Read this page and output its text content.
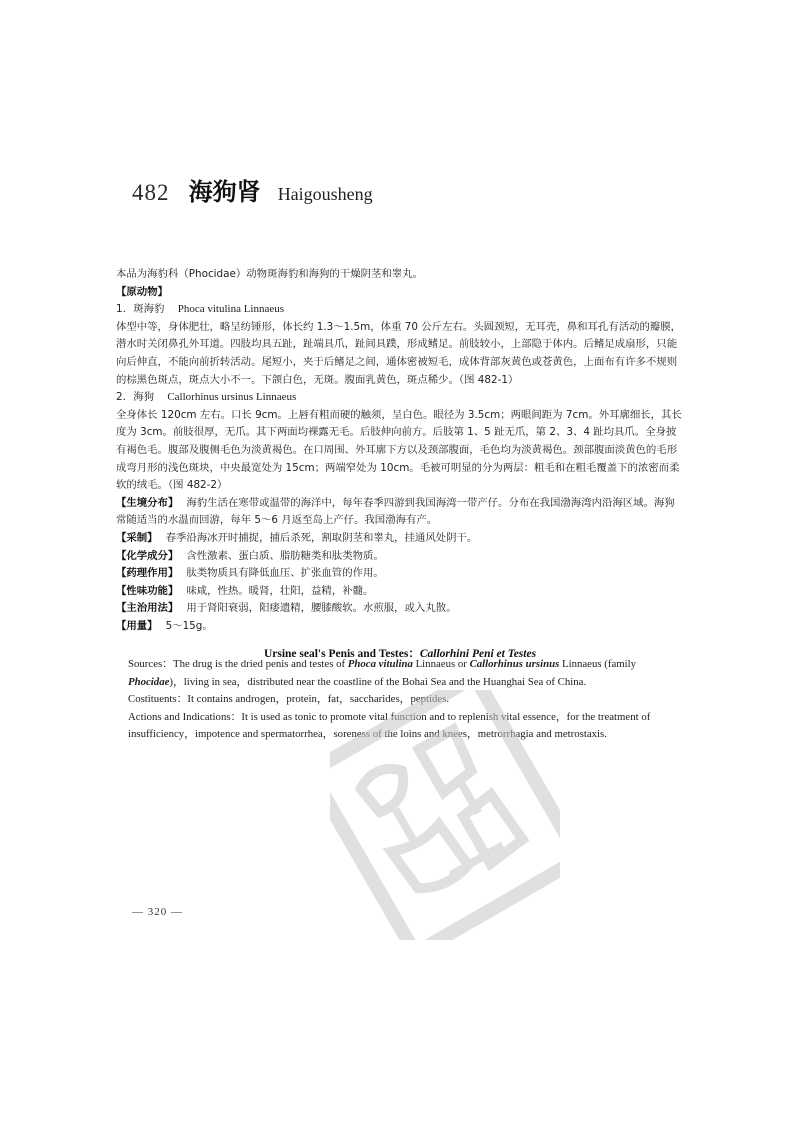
482 海狗肾 Haigousheng

本品为海豹科（Phocidae）动物斑海豹和海狗的干燥阴茎和睾丸。

【原动物】

1. 斑海豹 Phoca vitulina Linnaeus

体型中等，身体肥壮，略呈纺锤形，体长约 1.3～1.5m，体重 70 公斤左右。头圆颈短，无耳壳，鼻和耳孔有活动的瓣膜，潜水时关闭鼻孔外耳道。四肢均具五趾，趾端具爪，趾间具蹼，形成鳍足。前肢较小，上部隐于体内。后鳍足成扇形，只能向后伸直，不能向前折转活动。尾短小，夹于后鳍足之间，通体密被短毛，成体背部灰黄色或苍黄色，上面布有许多不规则的棕黑色斑点，斑点大小不一。下颌白色，无斑。腹面乳黄色，斑点稀少。（图 482-1）

2. 海狗 Callorhinus ursinus Linnaeus

全身体长 120cm 左右。口长 9cm。上唇有粗而硬的触须，呈白色。眼径为 3.5cm；两眼间距为 7cm。外耳廓细长，其长度为 3cm。前肢很厚，无爪。其下两面均裸露无毛。后肢伸向前方。后肢第 1、5 趾无爪，第 2、3、4 趾均具爪。全身披有褐色毛。腹部及腹侧毛色为淡黄褐色。在口周围、外耳廓下方以及颈部腹面，毛色均为淡黄褐色。颈部腹面淡黄色的毛形成弯月形的浅色斑块，中央最宽处为 15cm；两端窄处为 10cm。毛被可明显的分为两层：粗毛和在粗毛覆盖下的浓密而柔软的绒毛。（图 482-2）

【生境分布】 海豹生活在寒带或温带的海洋中，每年春季四游到我国海湾一带产仔。分布在我国渤海湾内沿海区域。海狗常随适当的水温而回游，每年 5～6 月返至岛上产仔。我国渤海有产。

【采制】 春季沿海冰开时捕捉，捕后杀死，割取阴茎和睾丸，挂通风处阴干。

【化学成分】 含性激素、蛋白质、脂肪糖类和肽类物质。

【药理作用】 肽类物质具有降低血压、扩张血管的作用。

【性味功能】 味咸，性热。暖肾，壮阳，益精，补髓。

【主治用法】 用于肾阳衰弱，阳痿遗精，腰膝酸软。水煎服，或入丸散。

【用量】 5～15g。

Ursine seal's Penis and Testes：Callorhini Peni et Testes

Sources：The drug is the dried penis and testes of Phoca vitulina Linnaeus or Callorhinus ursinus Linnaeus (family Phocidae)，living in sea，distributed near the coastline of the Bohai Sea and the Huanghai Sea of China.

Costituents：It contains androgen，protein，fat，saccharides，peptides.

Actions and Indications：It is used as tonic to promote vital function and to replenish vital essence，for the treatment of insufficiency，impotence and spermatorrhea，soreness of the loins and knees，metrorrhagia and metrostaxis.

— 320 —
